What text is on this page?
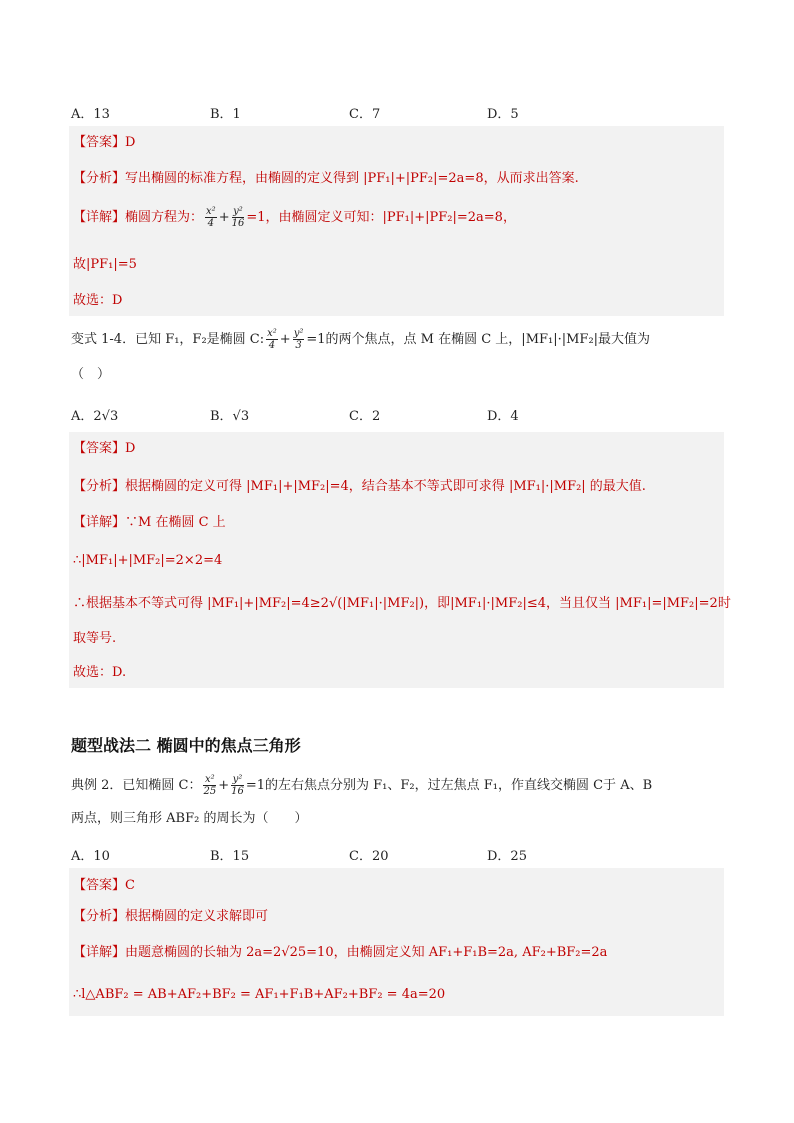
A．13	B．1	C．7	D．5
【答案】D
【分析】写出椭圆的标准方程，由椭圆的定义得到 |PF₁|+|PF₂|=2a=8，从而求出答案.
【详解】椭圆方程为： $\frac{\text{x²}}{4} + \frac{\text{y²}}{16} =1$，由椭圆定义可知：|PF₁|+|PF₂|=2a=8，
故|PF₁|=5
故选：D
变式 1-4．已知 F₁，F₂是椭圆 C: $\frac{\text{x²}}{4} + \frac{\text{y²}}{3} =1$的两个焦点，点 M 在椭圆 C 上，|MF₁|·|MF₂|最大值为
（　）
A．2√3	B．√3	C．2	D．4
【答案】D
【分析】根据椭圆的定义可得 |MF₁|+|MF₂|=4，结合基本不等式即可求得 |MF₁|·|MF₂| 的最大值.
【详解】∵M 在椭圆 C 上
∴|MF₁|+|MF₂|=2×2=4
∴根据基本不等式可得 |MF₁|+|MF₂|=4≥2√(|MF₁|·|MF₂|)，即|MF₁|·|MF₂|≤4，当且仅当 |MF₁|=|MF₂|=2时
取等号.
故选：D.
题型战法二 椭圆中的焦点三角形
典例 2．已知椭圆 C： $\frac{\text{x²}}{25} + \frac{\text{y²}}{16} =1$的左右焦点分别为 F₁、F₂，过左焦点 F₁，作直线交椭圆 C于 A、B
两点，则三角形 ABF₂ 的周长为（　　）
A．10	B．15	C．20	D．25
【答案】C
【分析】根据椭圆的定义求解即可
【详解】由题意椭圆的长轴为 2a=2√25=10，由椭圆定义知 AF₁+F₁B=2a, AF₂+BF₂=2a
∴l△ABF₂ = AB+AF₂+BF₂ = AF₁+F₁B+AF₂+BF₂ = 4a=20
